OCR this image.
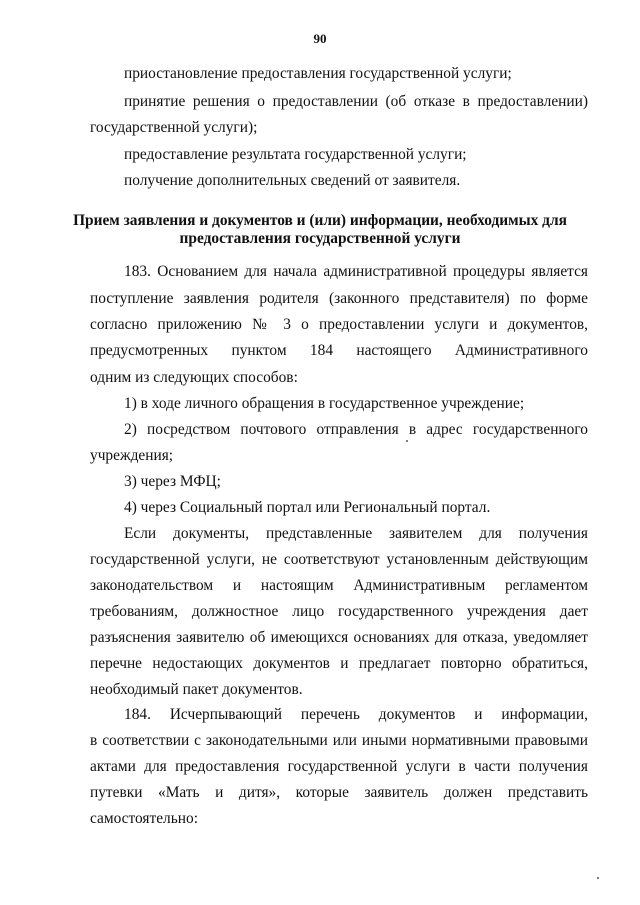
90
приостановление предоставления государственной услуги;
принятие решения о предоставлении (об отказе в предоставлении)
государственной услуги);
предоставление результата государственной услуги;
получение дополнительных сведений от заявителя.
Прием заявления и документов и (или) информации, необходимых для
предоставления государственной услуги
183. Основанием для начала административной процедуры является
поступление заявления родителя (законного представителя) по форме
согласно приложению № 3 о предоставлении услуги и документов,
предусмотренных пунктом 184 настоящего Административного
одним из следующих способов:
1) в ходе личного обращения в государственное учреждение;
2) посредством почтового отправления в адрес государственного
учреждения;
3) через МФЦ;
4) через Социальный портал или Региональный портал.
Если документы, представленные заявителем для получения
государственной услуги, не соответствуют установленным действующим
законодательством и настоящим Административным регламентом
требованиям, должностное лицо государственного учреждения дает
разъяснения заявителю об имеющихся основаниях для отказа, уведомляет
перечне недостающих документов и предлагает повторно обратиться,
необходимый пакет документов.
184. Исчерпывающий перечень документов и информации,
в соответствии с законодательными или иными нормативными правовыми
актами для предоставления государственной услуги в части получения
путевки «Мать и дитя», которые заявитель должен представить
самостоятельно:
